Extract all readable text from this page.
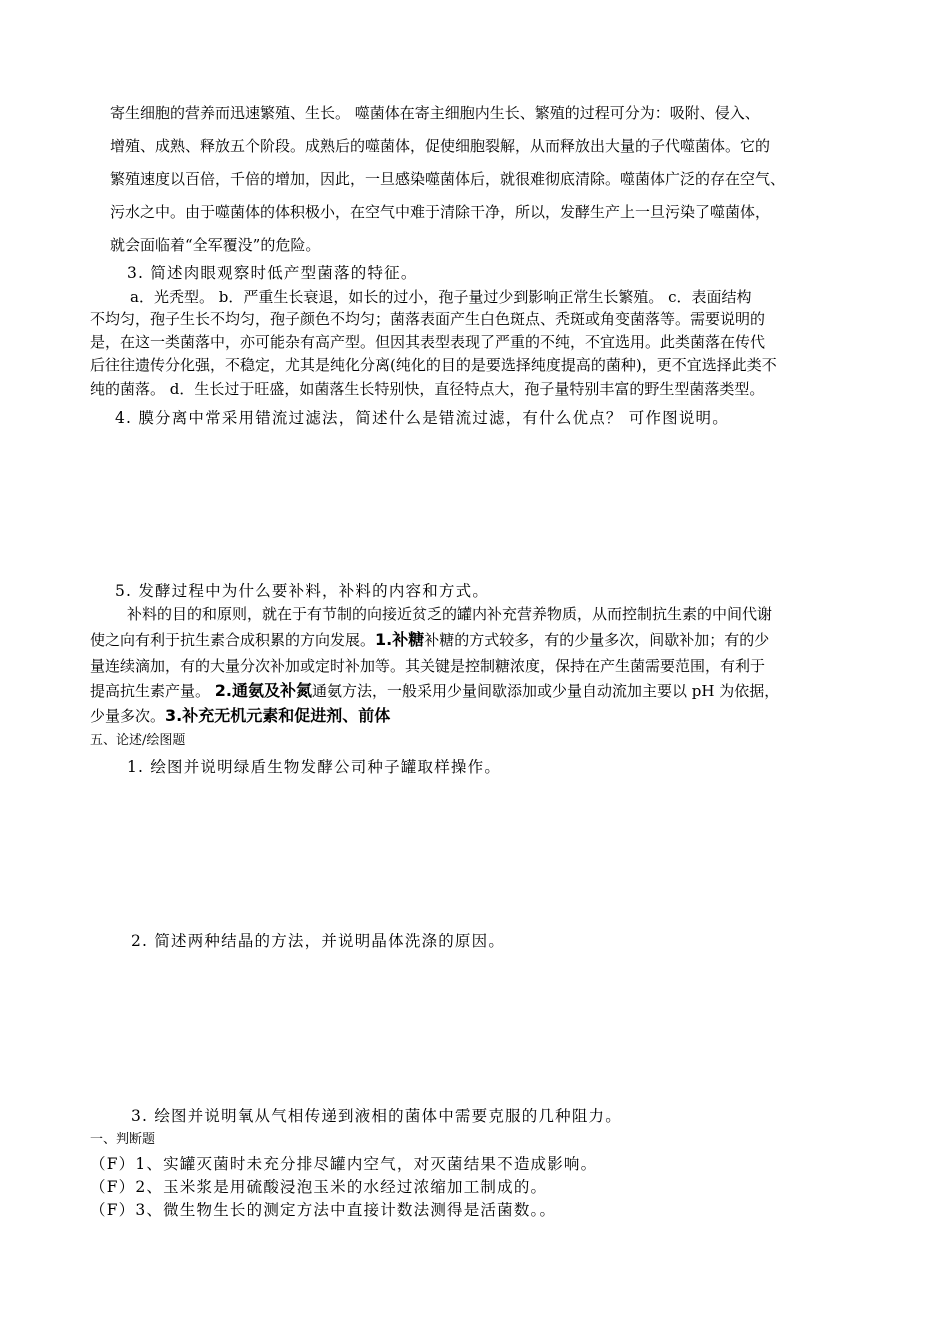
寄生细胞的营养而迅速繁殖、生长。 噬菌体在寄主细胞内生长、繁殖的过程可分为：吸附、侵入、
增殖、成熟、释放五个阶段。成熟后的噬菌体，促使细胞裂解，从而释放出大量的子代噬菌体。它的
繁殖速度以百倍，千倍的增加，因此，一旦感染噬菌体后，就很难彻底清除。噬菌体广泛的存在空气、
污水之中。由于噬菌体的体积极小，在空气中难于清除干净，所以，发酵生产上一旦污染了噬菌体，
就会面临着“全军覆没”的危险。
3. 简述肉眼观察时低产型菌落的特征。
a．光秃型。 b．严重生长衰退，如长的过小，孢子量过少到影响正常生长繁殖。 c．表面结构
不均匀，孢子生长不均匀，孢子颜色不均匀；菌落表面产生白色斑点、秃斑或角变菌落等。需要说明的
是，在这一类菌落中，亦可能杂有高产型。但因其表型表现了严重的不纯，不宜选用。此类菌落在传代
后往往遗传分化强，不稳定，尤其是纯化分离(纯化的目的是要选择纯度提高的菌种)，更不宜选择此类不
纯的菌落。 d．生长过于旺盛，如菌落生长特别快，直径特点大，孢子量特别丰富的野生型菌落类型。
4. 膜分离中常采用错流过滤法，简述什么是错流过滤，有什么优点？ 可作图说明。
5. 发酵过程中为什么要补料，补料的内容和方式。
补料的目的和原则，就在于有节制的向接近贫乏的罐内补充营养物质，从而控制抗生素的中间代谢
使之向有利于抗生素合成积累的方向发展。1.补糖补糖的方式较多，有的少量多次，间歇补加；有的少
量连续滴加，有的大量分次补加或定时补加等。其关键是控制糖浓度，保持在产生菌需要范围，有利于
提高抗生素产量。 2.通氨及补氮通氨方法，一般采用少量间歇添加或少量自动流加主要以 pH 为依据，
少量多次。3.补充无机元素和促进剂、前体
五、论述/绘图题
1. 绘图并说明绿盾生物发酵公司种子罐取样操作。
2. 简述两种结晶的方法，并说明晶体洗涤的原因。
3. 绘图并说明氧从气相传递到液相的菌体中需要克服的几种阻力。
一、判断题
（F）1、实罐灭菌时未充分排尽罐内空气，对灭菌结果不造成影响。
（F）2、玉米浆是用硫酸浸泡玉米的水经过浓缩加工制成的。
（F）3、微生物生长的测定方法中直接计数法测得是活菌数。。
